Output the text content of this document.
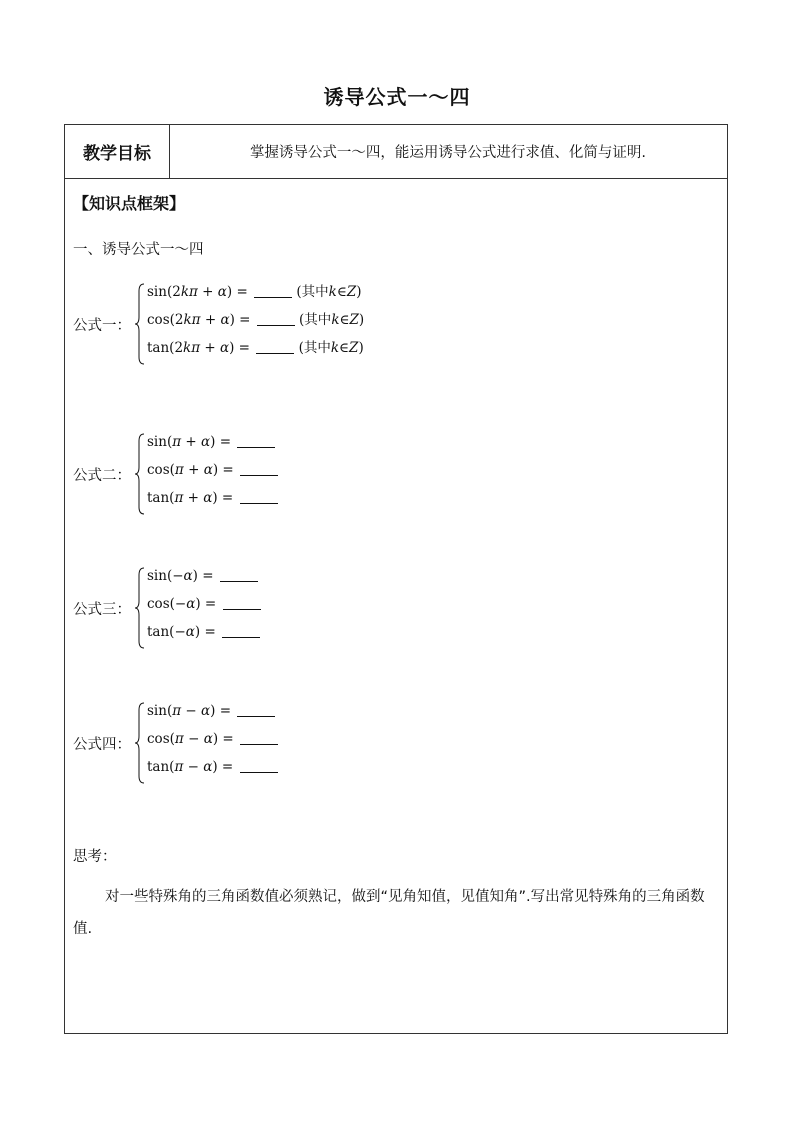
诱导公式一～四
教学目标	掌握诱导公式一～四，能运用诱导公式进行求值、化简与证明.
【知识点框架】
一、诱导公式一～四
公式一：
sin(2kπ + α) =	(其中k∈Z)
cos(2kπ + α) =	(其中k∈Z)
tan(2kπ + α) =	(其中k∈Z)
公式二：
sin(π + α) =
cos(π + α) =
tan(π + α) =
公式三：
sin(−α) =
cos(−α) =
tan(−α) =
公式四：
sin(π − α) =
cos(π − α) =
tan(π − α) =
思考：
对一些特殊角的三角函数值必须熟记，做到“见角知值，见值知角”.写出常见特殊角的三角函数值.
